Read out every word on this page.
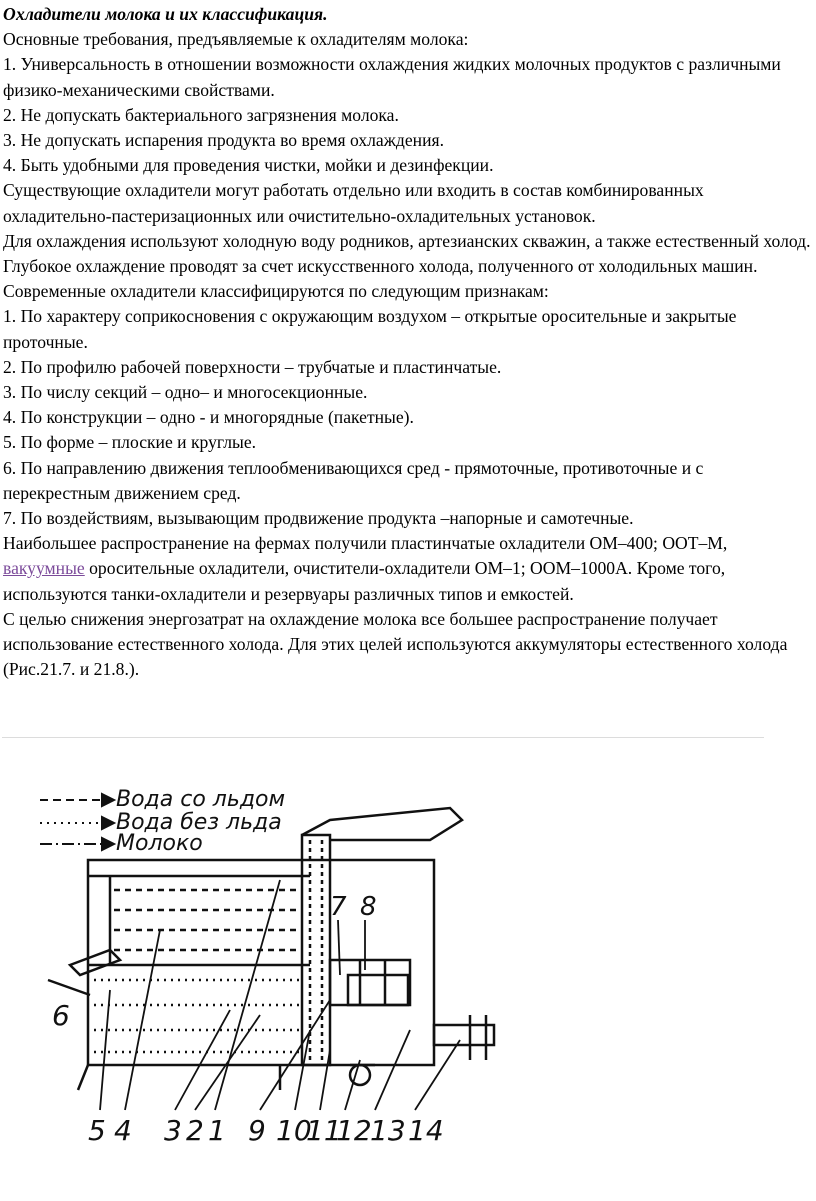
Охладители молока и их классификация.

Основные требования, предъявляемые к охладителям молока:

1. Универсальность в отношении возможности охлаждения жидких молочных продуктов с различными физико-механическими свойствами.

2. Не допускать бактериального загрязнения молока.

3. Не допускать испарения продукта во время охлаждения.

4. Быть удобными для проведения чистки, мойки и дезинфекции.

Существующие охладители могут работать отдельно или входить в состав комбинированных охладительно-пастеризационных или очистительно-охладительных установок.

Для охлаждения используют холодную воду родников, артезианских скважин, а также естественный холод.

Глубокое охлаждение проводят за счет искусственного холода, полученного от холодильных машин.

Современные охладители классифицируются по следующим признакам:

1. По характеру соприкосновения с окружающим воздухом – открытые оросительные и закрытые проточные.

2. По профилю рабочей поверхности – трубчатые и пластинчатые.

3. По числу секций – одно– и многосекционные.

4. По конструкции – одно - и многорядные (пакетные).

5. По форме – плоские и круглые.

6. По направлению движения теплообменивающихся сред - прямоточные, противоточные и с перекрестным движением сред.

7. По воздействиям, вызывающим продвижение продукта –напорные и самотечные.

Наибольшее распространение на фермах получили пластинчатые охладители ОМ–400; ООТ–М, вакуумные оросительные охладители, очистители-охладители ОМ–1; ООМ–1000А. Кроме того, используются танки-охладители и резервуары различных типов и емкостей.

С целью снижения энергозатрат на охлаждение молока все большее распространение получает использование естественного холода. Для этих целей используются аккумуляторы естественного холода (Рис.21.7. и 21.8.).

Вода со льдом
Вода без льда
Молоко
5 4 3 2 1 9 10
11
12
13 14
6
7 8
